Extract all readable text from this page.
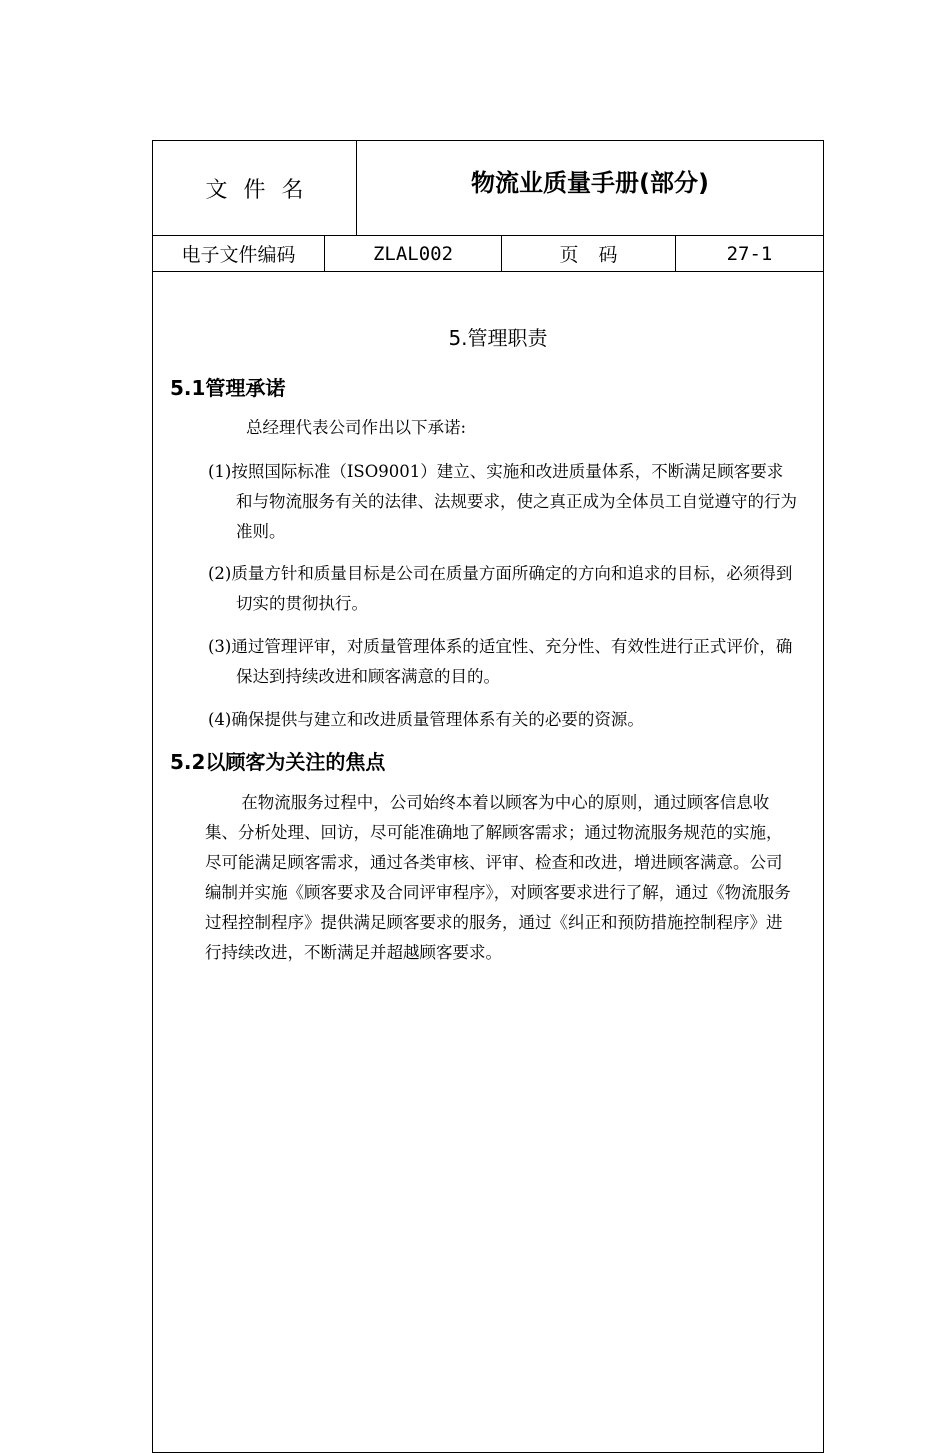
文件名	物流业质量手册(部分)
电子文件编码	ZLAL002	页码	27-1
5.管理职责
5.1管理承诺
总经理代表公司作出以下承诺:
(1)按照国际标准（ISO9001）建立、实施和改进质量体系，不断满足顾客要求和与物流服务有关的法律、法规要求，使之真正成为全体员工自觉遵守的行为准则。
(2)质量方针和质量目标是公司在质量方面所确定的方向和追求的目标，必须得到切实的贯彻执行。
(3)通过管理评审，对质量管理体系的适宜性、充分性、有效性进行正式评价，确保达到持续改进和顾客满意的目的。
(4)确保提供与建立和改进质量管理体系有关的必要的资源。
5.2以顾客为关注的焦点
在物流服务过程中，公司始终本着以顾客为中心的原则，通过顾客信息收集、分析处理、回访，尽可能准确地了解顾客需求；通过物流服务规范的实施，尽可能满足顾客需求，通过各类审核、评审、检查和改进，增进顾客满意。公司编制并实施《顾客要求及合同评审程序》，对顾客要求进行了解，通过《物流服务过程控制程序》提供满足顾客要求的服务，通过《纠正和预防措施控制程序》进行持续改进，不断满足并超越顾客要求。
